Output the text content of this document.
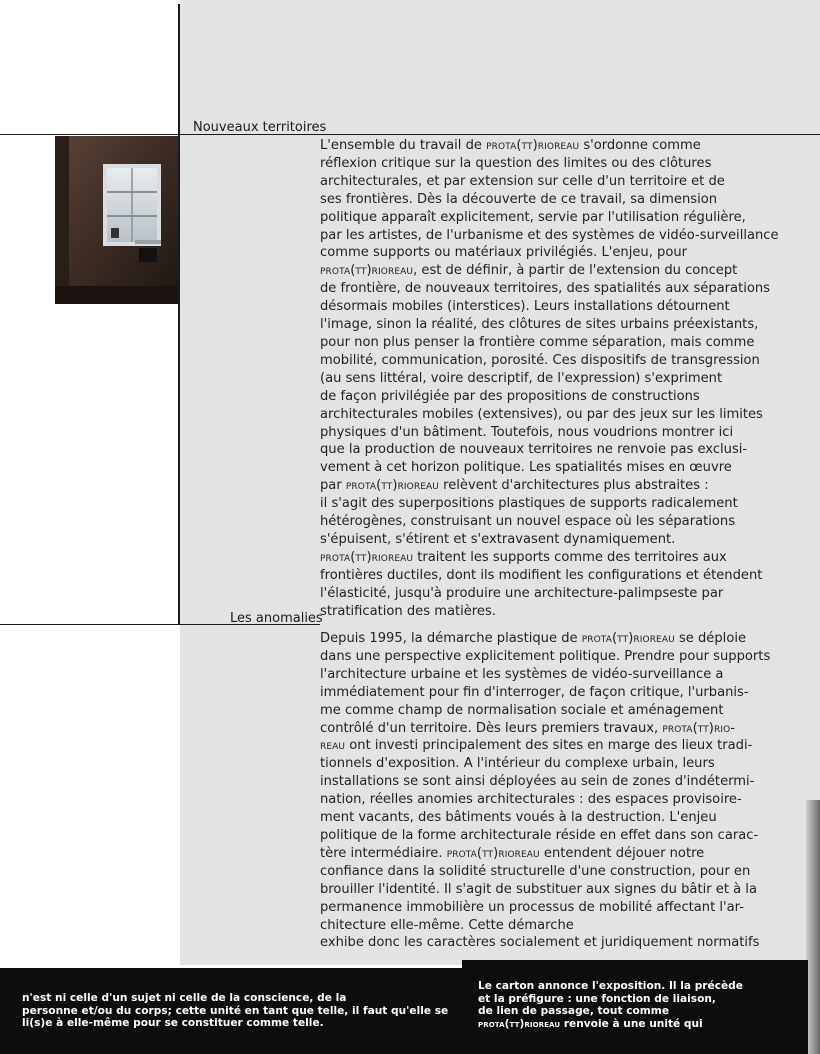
Nouveaux territoires
Les anomalies
L'ensemble du travail de prota(tt)rioreau s'ordonne comme
réflexion critique sur la question des limites ou des clôtures
architecturales, et par extension sur celle d'un territoire et de
ses frontières. Dès la découverte de ce travail, sa dimension
politique apparaît explicitement, servie par l'utilisation régulière,
par les artistes, de l'urbanisme et des systèmes de vidéo-surveillance
comme supports ou matériaux privilégiés. L'enjeu, pour
prota(tt)rioreau, est de définir, à partir de l'extension du concept
de frontière, de nouveaux territoires, des spatialités aux séparations
désormais mobiles (interstices). Leurs installations détournent
l'image, sinon la réalité, des clôtures de sites urbains préexistants,
pour non plus penser la frontière comme séparation, mais comme
mobilité, communication, porosité. Ces dispositifs de transgression
(au sens littéral, voire descriptif, de l'expression) s'expriment
de façon privilégiée par des propositions de constructions
architecturales mobiles (extensives), ou par des jeux sur les limites
physiques d'un bâtiment. Toutefois, nous voudrions montrer ici
que la production de nouveaux territoires ne renvoie pas exclusi-
vement à cet horizon politique. Les spatialités mises en œuvre
par prota(tt)rioreau relèvent d'architectures plus abstraites :
il s'agit des superpositions plastiques de supports radicalement
hétérogènes, construisant un nouvel espace où les séparations
s'épuisent, s'étirent et s'extravasent dynamiquement.
prota(tt)rioreau traitent les supports comme des territoires aux
frontières ductiles, dont ils modifient les configurations et étendent
l'élasticité, jusqu'à produire une architecture-palimpseste par
stratification des matières.
Depuis 1995, la démarche plastique de prota(tt)rioreau se déploie
dans une perspective explicitement politique. Prendre pour supports
l'architecture urbaine et les systèmes de vidéo-surveillance a
immédiatement pour fin d'interroger, de façon critique, l'urbanis-
me comme champ de normalisation sociale et aménagement
contrôlé d'un territoire. Dès leurs premiers travaux, prota(tt)rio-
reau ont investi principalement des sites en marge des lieux tradi-
tionnels d'exposition. A l'intérieur du complexe urbain, leurs
installations se sont ainsi déployées au sein de zones d'indétermi-
nation, réelles anomies architecturales : des espaces provisoire-
ment vacants, des bâtiments voués à la destruction. L'enjeu
politique de la forme architecturale réside en effet dans son carac-
tère intermédiaire. prota(tt)rioreau entendent déjouer notre
confiance dans la solidité structurelle d'une construction, pour en
brouiller l'identité. Il s'agit de substituer aux signes du bâtir et à la
permanence immobilière un processus de mobilité affectant l'ar-
chitecture elle-même. Cette démarche
exhibe donc les caractères socialement et juridiquement normatifs
n'est ni celle d'un sujet ni celle de la conscience, de la
personne et/ou du corps; cette unité en tant que telle, il faut qu'elle se
li(s)e à elle-même pour se constituer comme telle.
Le carton annonce l'exposition. Il la précède
et la préfigure : une fonction de liaison,
de lien de passage, tout comme
prota(tt)rioreau renvoie à une unité qui
